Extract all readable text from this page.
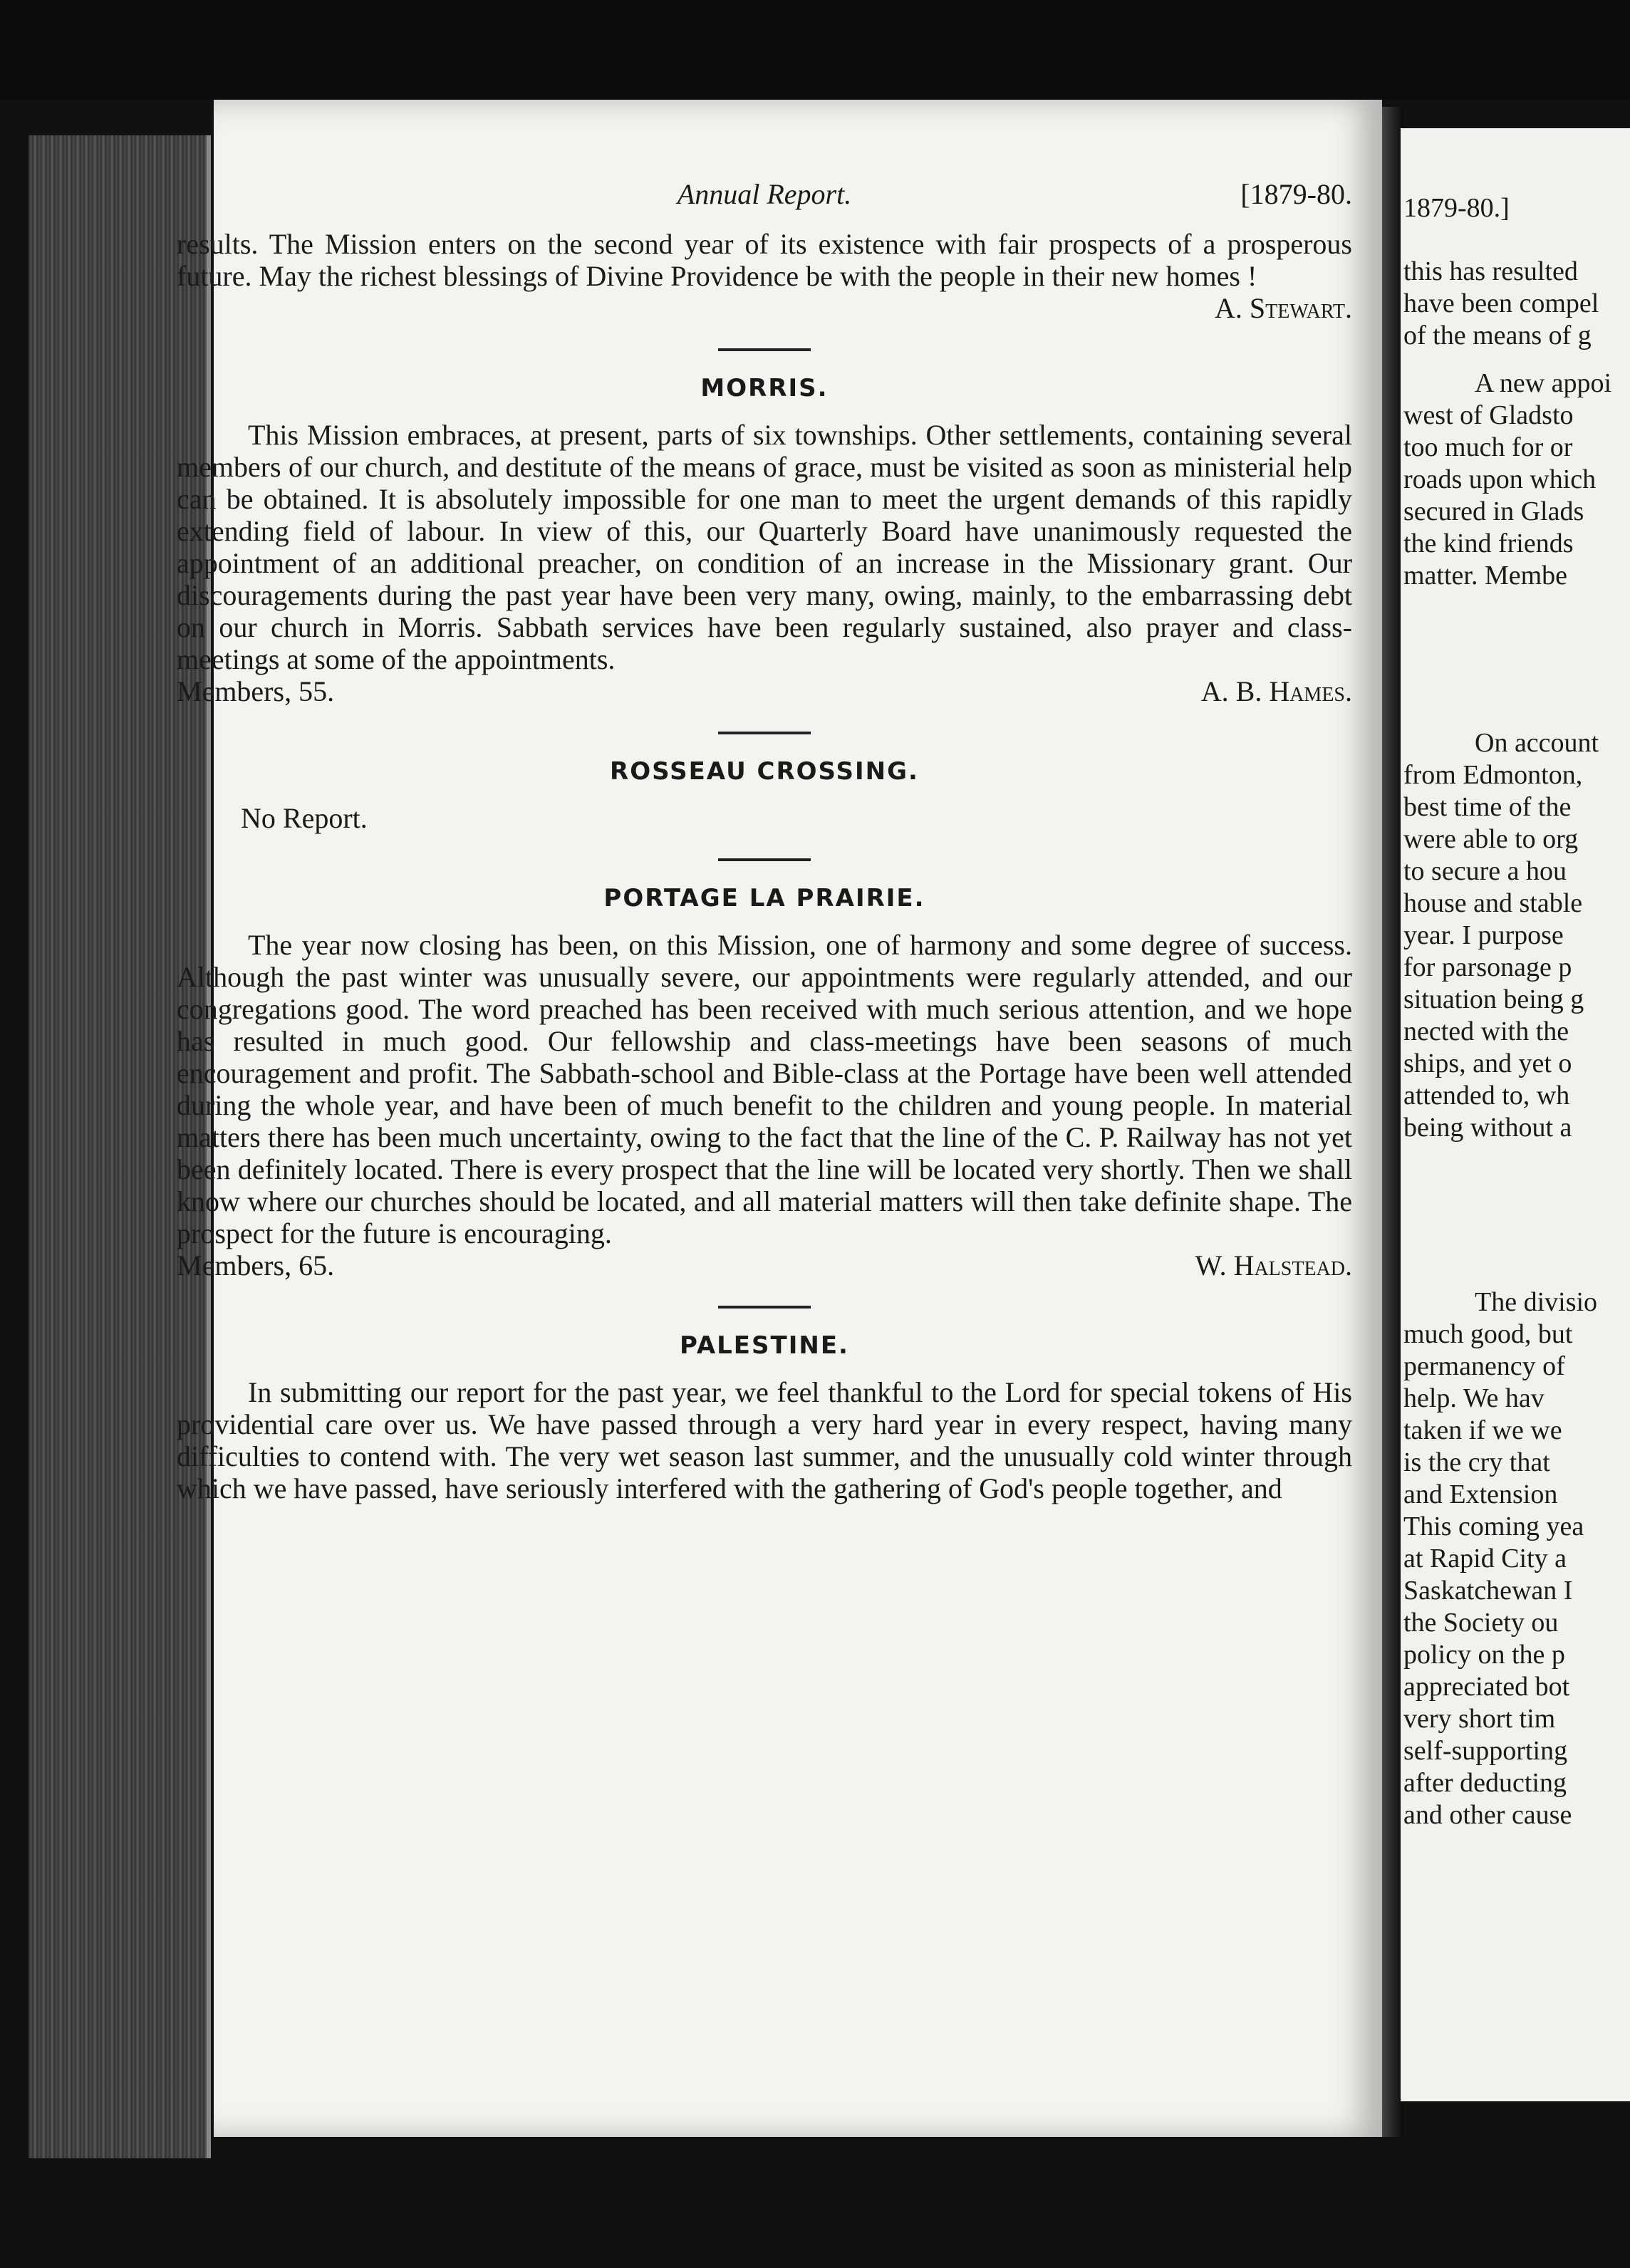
Annual Report.	[1879-80.

results. The Mission enters on the second year of its existence with fair prospects of a prosperous future. May the richest blessings of Divine Providence be with the people in their new homes !

A. Stewart.

MORRIS.

This Mission embraces, at present, parts of six townships. Other settlements, containing several members of our church, and destitute of the means of grace, must be visited as soon as ministerial help can be obtained. It is absolutely impossible for one man to meet the urgent demands of this rapidly extending field of labour. In view of this, our Quarterly Board have unanimously requested the appointment of an additional preacher, on condition of an increase in the Missionary grant. Our discouragements during the past year have been very many, owing, mainly, to the embarrassing debt on our church in Morris. Sabbath services have been regularly sustained, also prayer and class-meetings at some of the appointments.

Members, 55.	A. B. Hames.
ROSSEAU CROSSING.

No Report.

PORTAGE LA PRAIRIE.

The year now closing has been, on this Mission, one of harmony and some degree of success. Although the past winter was unusually severe, our appointments were regularly attended, and our congregations good. The word preached has been received with much serious attention, and we hope has resulted in much good. Our fellowship and class-meetings have been seasons of much encouragement and profit. The Sabbath-school and Bible-class at the Portage have been well attended during the whole year, and have been of much benefit to the children and young people. In material matters there has been much uncertainty, owing to the fact that the line of the C. P. Railway has not yet been definitely located. There is every prospect that the line will be located very shortly. Then we shall know where our churches should be located, and all material matters will then take definite shape. The prospect for the future is encouraging.

Members, 65.	W. Halstead.
PALESTINE.

In submitting our report for the past year, we feel thankful to the Lord for special tokens of His providential care over us. We have passed through a very hard year in every respect, having many difficulties to contend with. The very wet season last summer, and the unusually cold winter through which we have passed, have seriously interfered with the gathering of God's people together, and

1879-80.]

this has resulted

have been compel

of the means of g

A new appoi

west of Gladsto

too much for or

roads upon which

secured in Glads

the kind friends

matter. Membe

On account

from Edmonton,

best time of the

were able to org

to secure a hou

house and stable

year. I purpose

for parsonage p

situation being g

nected with the

ships, and yet o

attended to, wh

being without a

The divisio

much good, but

permanency of

help. We hav

taken if we we

is the cry that

and Extension

This coming yea

at Rapid City a

Saskatchewan I

the Society ou

policy on the p

appreciated bot

very short tim

self-supporting

after deducting

and other cause
